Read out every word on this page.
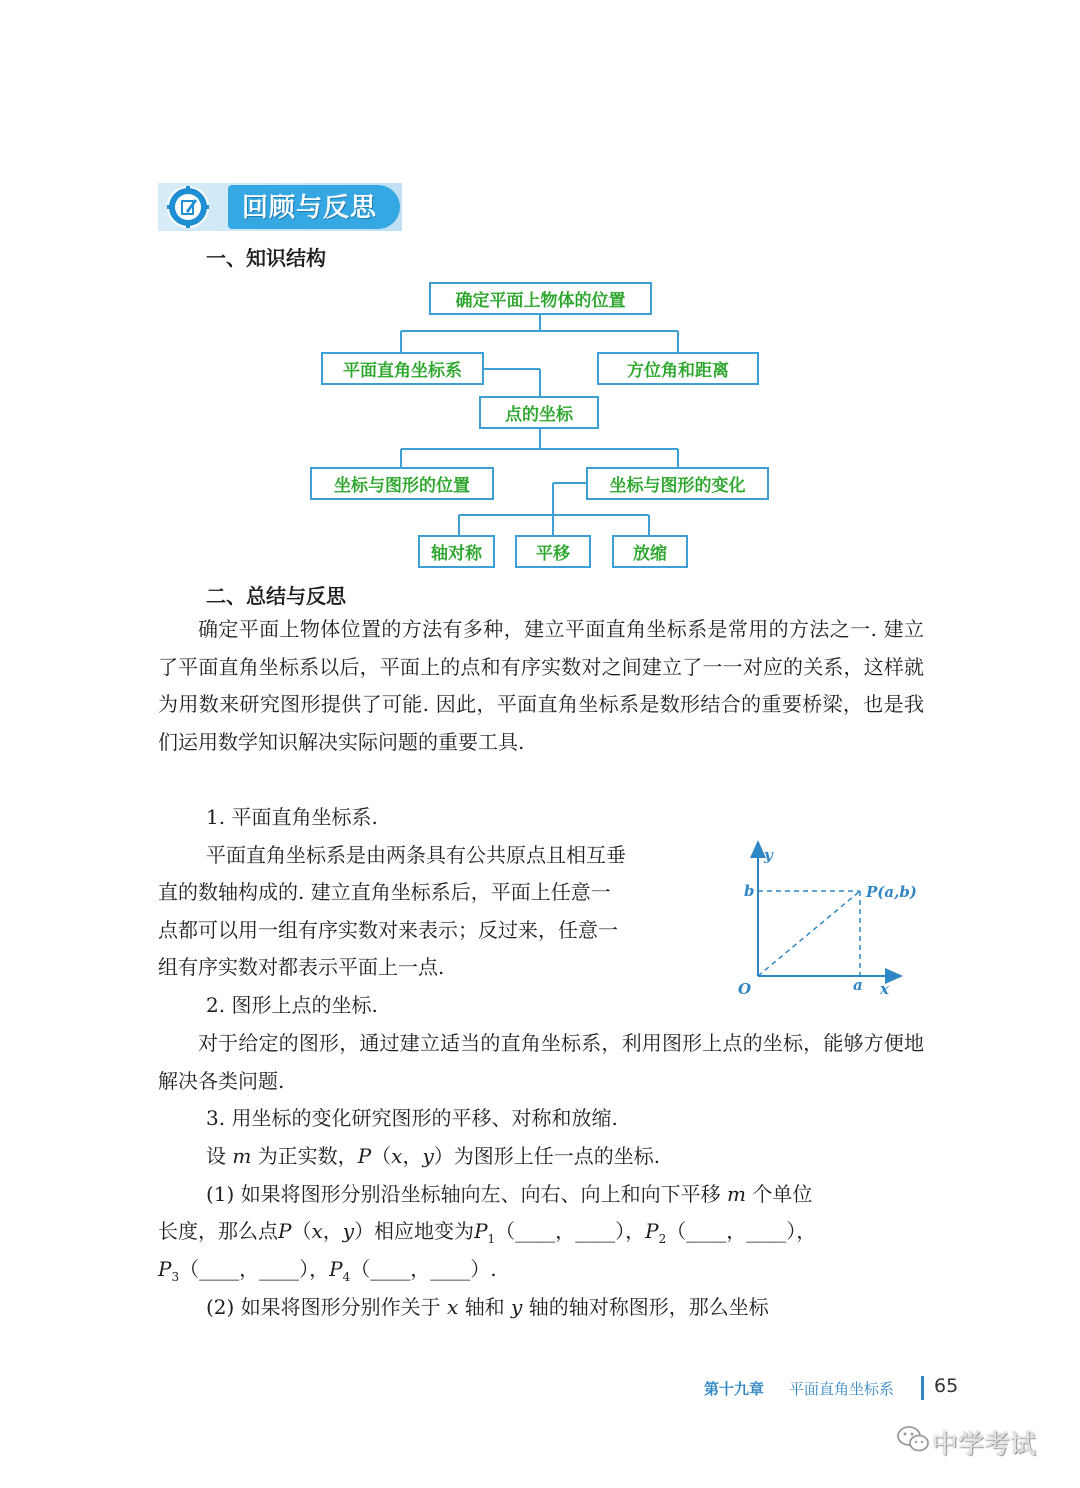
回顾与反思
一、知识结构
确定平面上物体的位置
平面直角坐标系	方位角和距离
点的坐标
坐标与图形的位置	坐标与图形的变化
轴对称	平移	放缩
二、总结与反思

确定平面上物体位置的方法有多种，建立平面直角坐标系是常用的方法之一. 建立了平面直角坐标系以后，平面上的点和有序实数对之间建立了一一对应的关系，这样就为用数来研究图形提供了可能. 因此，平面直角坐标系是数形结合的重要桥梁，也是我们运用数学知识解决实际问题的重要工具.

1. 平面直角坐标系.
平面直角坐标系是由两条具有公共原点且相互垂
直的数轴构成的. 建立直角坐标系后，平面上任意一
点都可以用一组有序实数对来表示；反过来，任意一
组有序实数对都表示平面上一点.
y
x
O	a
b	P(a,b)
2. 图形上点的坐标.

对于给定的图形，通过建立适当的直角坐标系，利用图形上点的坐标，能够方便地解决各类问题.

3. 用坐标的变化研究图形的平移、对称和放缩.
设 m 为正实数，P（x，y）为图形上任一点的坐标.
(1) 如果将图形分别沿坐标轴向左、向右、向上和向下平移 m 个单位
长度，那么点P（x，y）相应地变为$P_1(\_\_\_\_$，____），$P_2(\_\_\_\_$，____），
$P_3(\_\_\_\_$，____），$P_4(\_\_\_\_$，____）.
(2) 如果将图形分别作关于 x 轴和 y 轴的轴对称图形，那么坐标
第十九章 平面直角坐标系 65
中学考试
